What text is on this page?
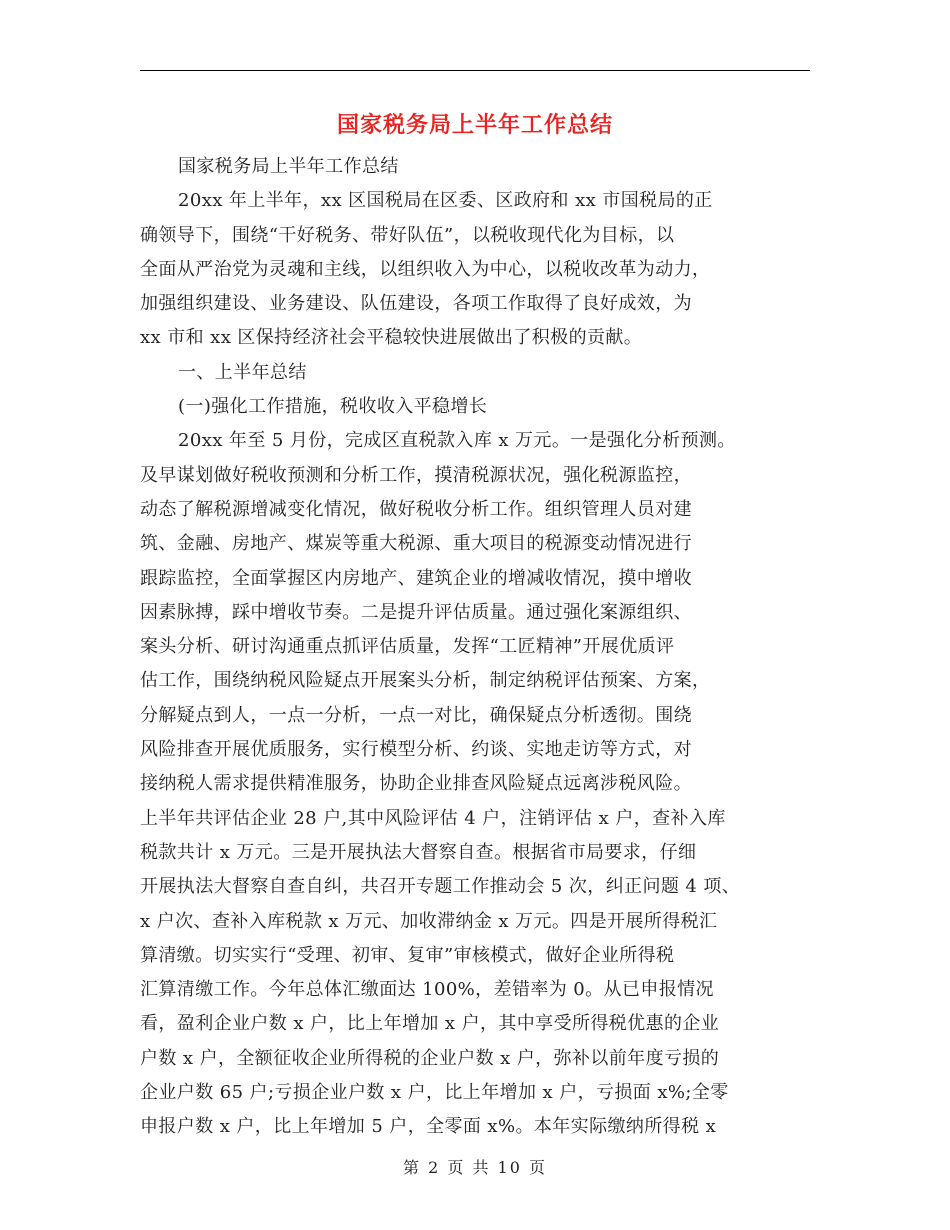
国家税务局上半年工作总结
国家税务局上半年工作总结
20xx 年上半年，xx 区国税局在区委、区政府和 xx 市国税局的正
确领导下，围绕“干好税务、带好队伍”，以税收现代化为目标，以
全面从严治党为灵魂和主线，以组织收入为中心，以税收改革为动力，
加强组织建设、业务建设、队伍建设，各项工作取得了良好成效，为
xx 市和 xx 区保持经济社会平稳较快进展做出了积极的贡献。
一、上半年总结
(一)强化工作措施，税收收入平稳增长
20xx 年至 5 月份，完成区直税款入库 x 万元。一是强化分析预测。
及早谋划做好税收预测和分析工作，摸清税源状况，强化税源监控，
动态了解税源增减变化情况，做好税收分析工作。组织管理人员对建
筑、金融、房地产、煤炭等重大税源、重大项目的税源变动情况进行
跟踪监控，全面掌握区内房地产、建筑企业的增减收情况，摸中增收
因素脉搏，踩中增收节奏。二是提升评估质量。通过强化案源组织、
案头分析、研讨沟通重点抓评估质量，发挥“工匠精神”开展优质评
估工作，围绕纳税风险疑点开展案头分析，制定纳税评估预案、方案，
分解疑点到人，一点一分析，一点一对比，确保疑点分析透彻。围绕
风险排查开展优质服务，实行模型分析、约谈、实地走访等方式，对
接纳税人需求提供精准服务，协助企业排查风险疑点远离涉税风险。
上半年共评估企业 28 户,其中风险评估 4 户，注销评估 x 户，查补入库
税款共计 x 万元。三是开展执法大督察自查。根据省市局要求，仔细
开展执法大督察自查自纠，共召开专题工作推动会 5 次，纠正问题 4 项、
x 户次、查补入库税款 x 万元、加收滞纳金 x 万元。四是开展所得税汇
算清缴。切实实行“受理、初审、复审”审核模式，做好企业所得税
汇算清缴工作。今年总体汇缴面达 100%，差错率为 0。从已申报情况
看，盈利企业户数 x 户，比上年增加 x 户，其中享受所得税优惠的企业
户数 x 户，全额征收企业所得税的企业户数 x 户，弥补以前年度亏损的
企业户数 65 户;亏损企业户数 x 户，比上年增加 x 户，亏损面 x%;全零
申报户数 x 户，比上年增加 5 户，全零面 x%。本年实际缴纳所得税 x
第 2 页 共 10 页
